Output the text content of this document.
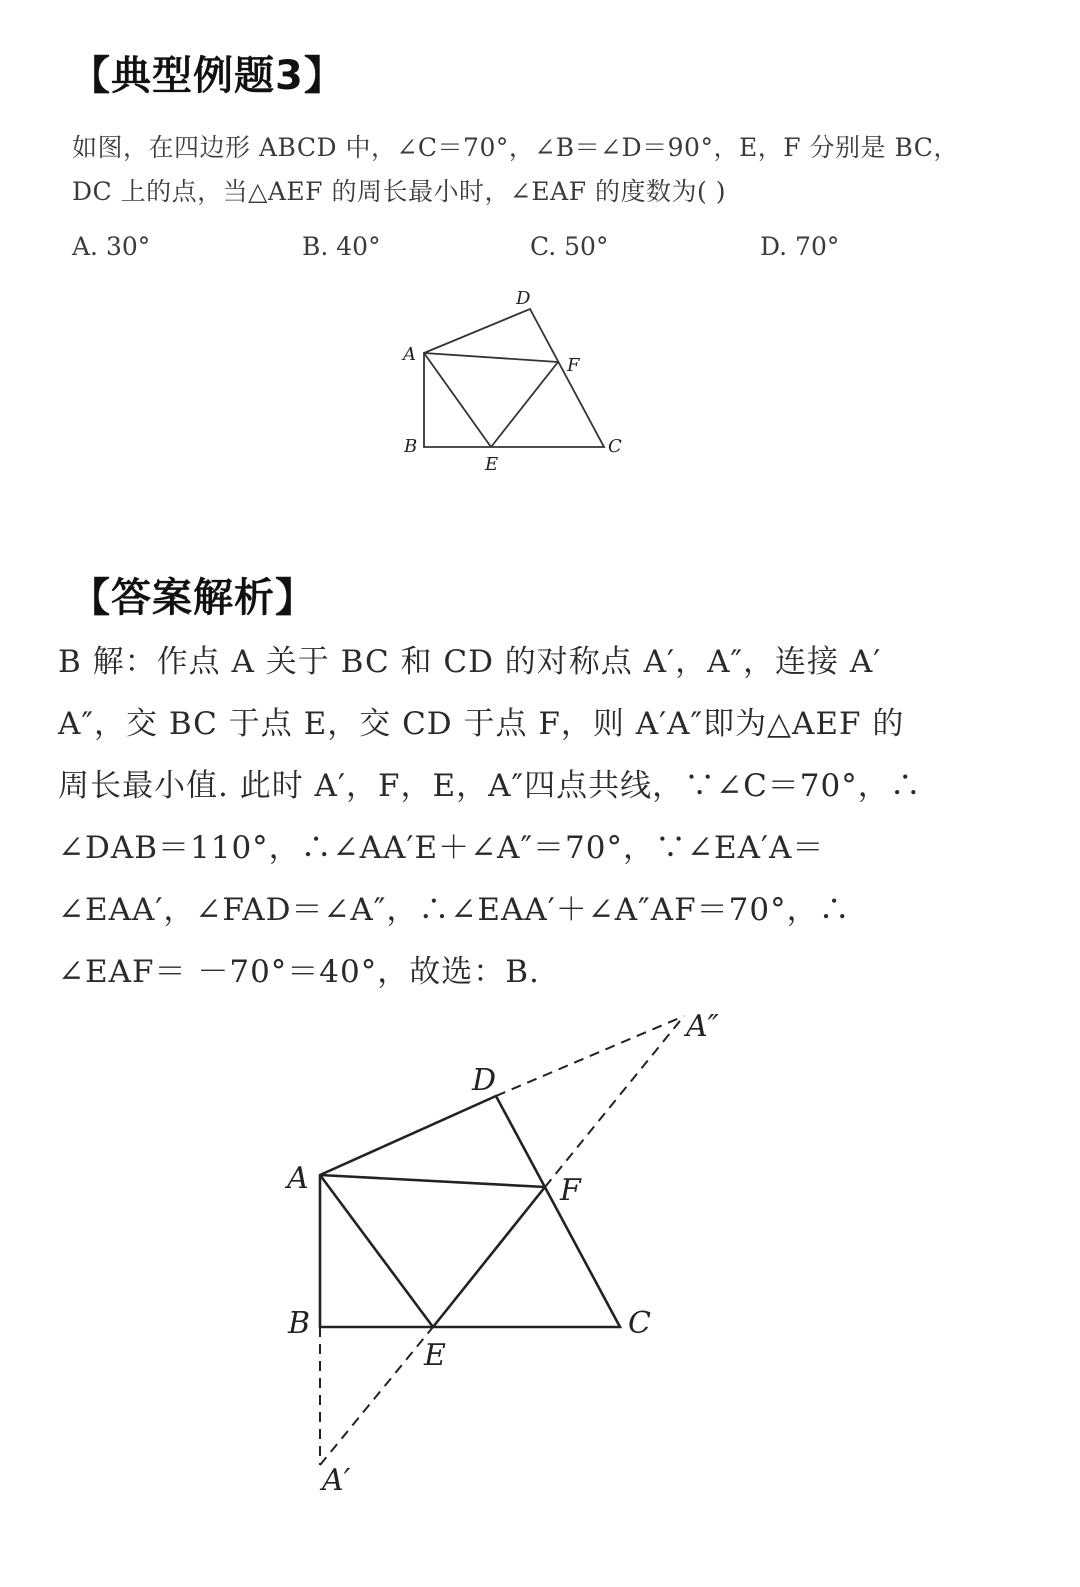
【典型例题3】
如图，在四边形 ABCD 中，∠C＝70°，∠B＝∠D＝90°，E，F 分别是 BC，
DC 上的点，当△AEF 的周长最小时，∠EAF 的度数为( )
A. 30°	B. 40°	C. 50°	D. 70°
D
A
F
B	C
E
【答案解析】
B 解：作点 A 关于 BC 和 CD 的对称点 A′，A″，连接 A′
A″，交 BC 于点 E，交 CD 于点 F，则 A′A″即为△AEF 的
周长最小值. 此时 A′，F，E，A″四点共线，∵∠C＝70°，∴
∠DAB＝110°，∴∠AA′E＋∠A″＝70°，∵∠EA′A＝
∠EAA′，∠FAD＝∠A″，∴∠EAA′＋∠A″AF＝70°，∴
∠EAF＝ －70°＝40°，故选：B.
A″
D
A	F
B	C
E
A′
